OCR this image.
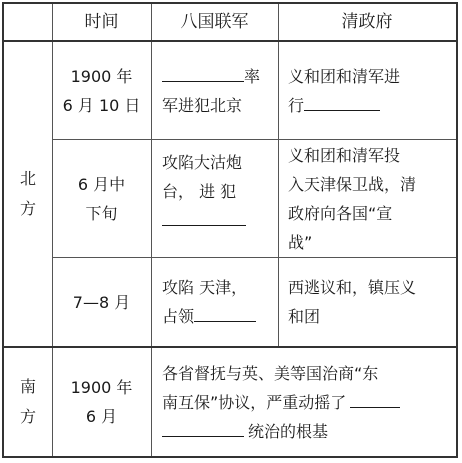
时间	八国联军	清政府
北
方
南
方
1900 年
6 月 10 日
率
军进犯北京
义和团和清军进
行
6 月中
下旬
攻陷大沽炮
台， 进 犯
义和团和清军投
入天津保卫战，清
政府向各国“宣
战”
7—8 月
攻陷 天津，
占领
西逃议和，镇压义
和团
1900 年
6 月
各省督抚与英、美等国治商“东
南互保”协议，严重动摇了
统治的根基
